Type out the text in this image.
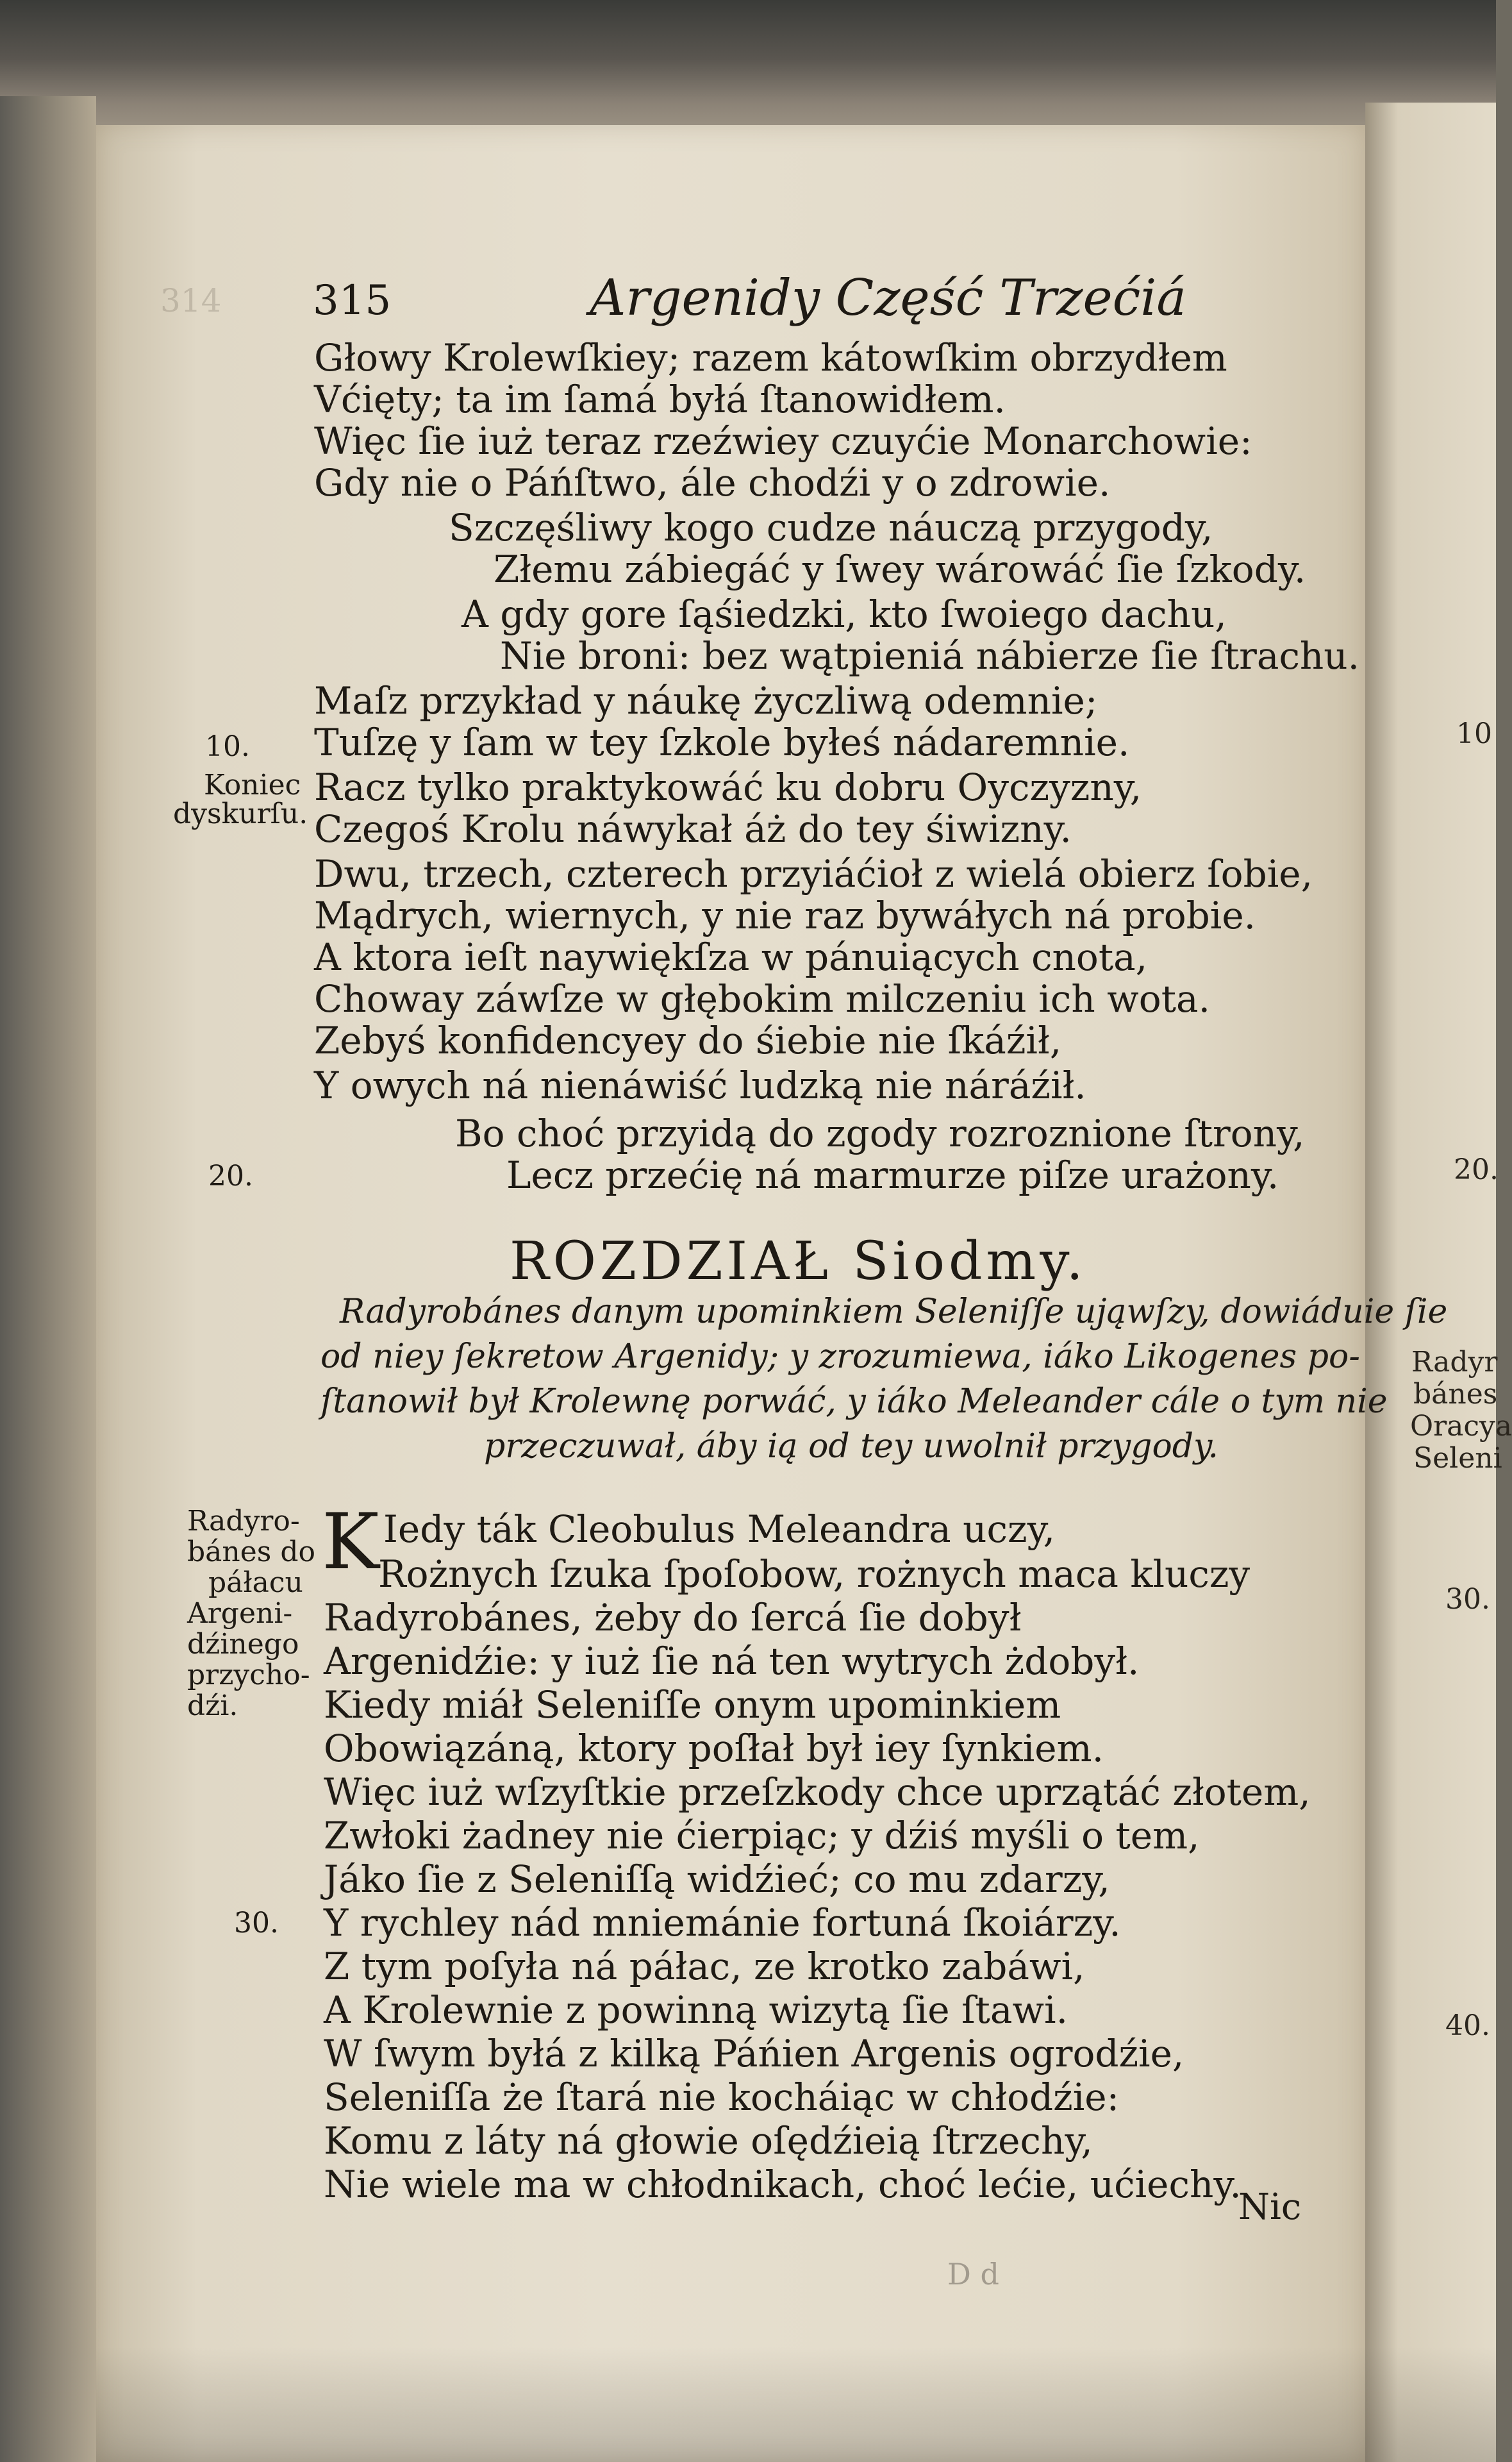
314 315	Argenidy Część Trzećiá
Głowy Krolewſkiey; razem kátowſkim obrzydłem
Vćięty; ta im ſamá byłá ſtanowidłem.
Więc ſie iuż teraz rzeźwiey czuyćie Monarchowie:
Gdy nie o Páńſtwo, ále chodźi y o zdrowie.
Szczęśliwy kogo cudze náuczą przygody,
Złemu zábiegáć y ſwey wárowáć ſie ſzkody.
A gdy gore ſąśiedzki, kto ſwoiego dachu,
Nie broni: bez wątpieniá nábierze ſie ſtrachu.
Maſz przykład y náukę życzliwą odemnie;
Tuſzę y ſam w tey ſzkole byłeś nádaremnie.
Racz tylko praktykowáć ku dobru Oyczyzny,
Czegoś Krolu náwykał áż do tey śiwizny.
Dwu, trzech, czterech przyiáćioł z wielá obierz ſobie,
Mądrych, wiernych, y nie raz bywáłych ná probie.
A ktora ieſt naywiękſza w pánuiących cnota,
Choway záwſze w głębokim milczeniu ich wota.
Zebyś konfidencyey do śiebie nie ſkáźił,
Y owych ná nienáwiść ludzką nie náráźił.
Bo choć przyidą do zgody rozroznione ſtrony,
Lecz przećię ná marmurze piſze urażony.
10.
Koniec
dyskurſu.
20.
ROZDZIAŁ Siodmy.
Radyrobánes danym upominkiem Seleniſſe ująwſzy, dowiáduie ſie
od niey ſekretow Argenidy; y zrozumiewa, iáko Likogenes po-
ſtanowił był Krolewnę porwáć, y iáko Meleander cále o tym nie
przeczuwał, áby ią od tey uwolnił przygody.
K Iedy ták Cleobulus Meleandra uczy,
Rożnych ſzuka ſpoſobow, rożnych maca kluczy
Radyrobánes, żeby do ſercá ſie dobył
Argenidźie: y iuż ſie ná ten wytrych żdobył.
Kiedy miáł Seleniſſe onym upominkiem
Obowiązáną, ktory poſłał był iey ſynkiem.
Więc iuż wſzyſtkie przeſzkody chce uprzątáć złotem,
Zwłoki żadney nie ćierpiąc; y dźiś myśli o tem,
Jáko ſie z Seleniſſą widźieć; co mu zdarzy,
Y rychley nád mniemánie fortuná ſkoiárzy.
Z tym poſyła ná páłac, ze krotko zabáwi,
A Krolewnie z powinną wizytą ſie ſtawi.
W ſwym byłá z kilką Páńien Argenis ogrodźie,
Seleniſſa że ſtará nie kocháiąc w chłodźie:
Komu z láty ná głowie oſędźieią ſtrzechy,
Nie wiele ma w chłodnikach, choć lećie, ućiechy.
Radyro-
bánes do
páłacu
Argeni-
dźinego
przycho-
dźi.
30.
10
20.
Radyr
bánes
Oracya
Seleni
30.
40.
Nic
D d
